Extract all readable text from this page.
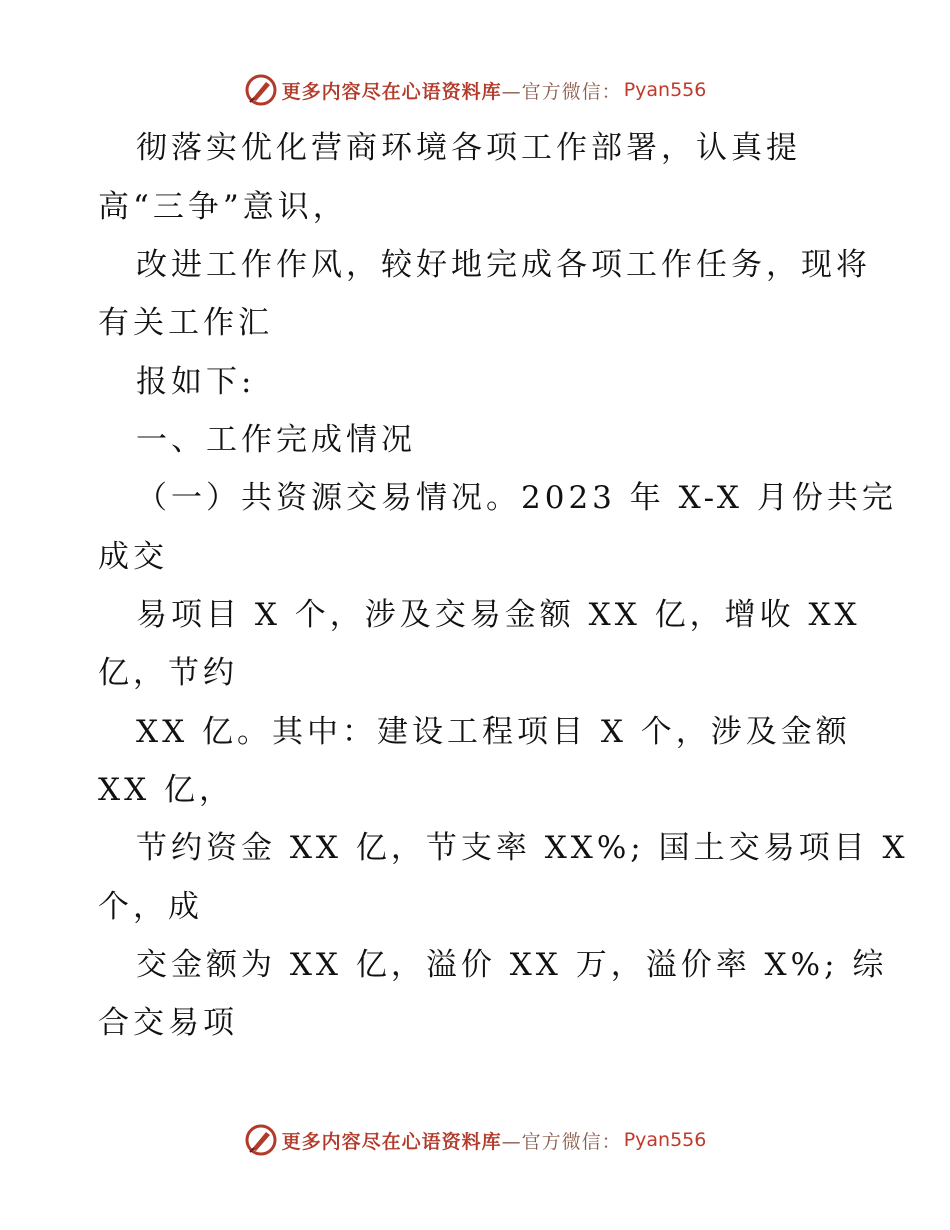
更多内容尽在心语资料库 —官方微信： Pyan556
彻落实优化营商环境各项工作部署，认真提
高“三争”意识，
改进工作作风，较好地完成各项工作任务，现将
有关工作汇
报如下:
一、工作完成情况
（一）共资源交易情况。2023 年 X-X 月份共完
成交
易项目 X 个，涉及交易金额 XX 亿，增收 XX
亿，节约
XX 亿。其中：建设工程项目 X 个，涉及金额
XX 亿，
节约资金 XX 亿，节支率 XX%; 国土交易项目 X
个，成
交金额为 XX 亿，溢价 XX 万，溢价率 X%; 综
合交易项
更多内容尽在心语资料库 —官方微信： Pyan556
